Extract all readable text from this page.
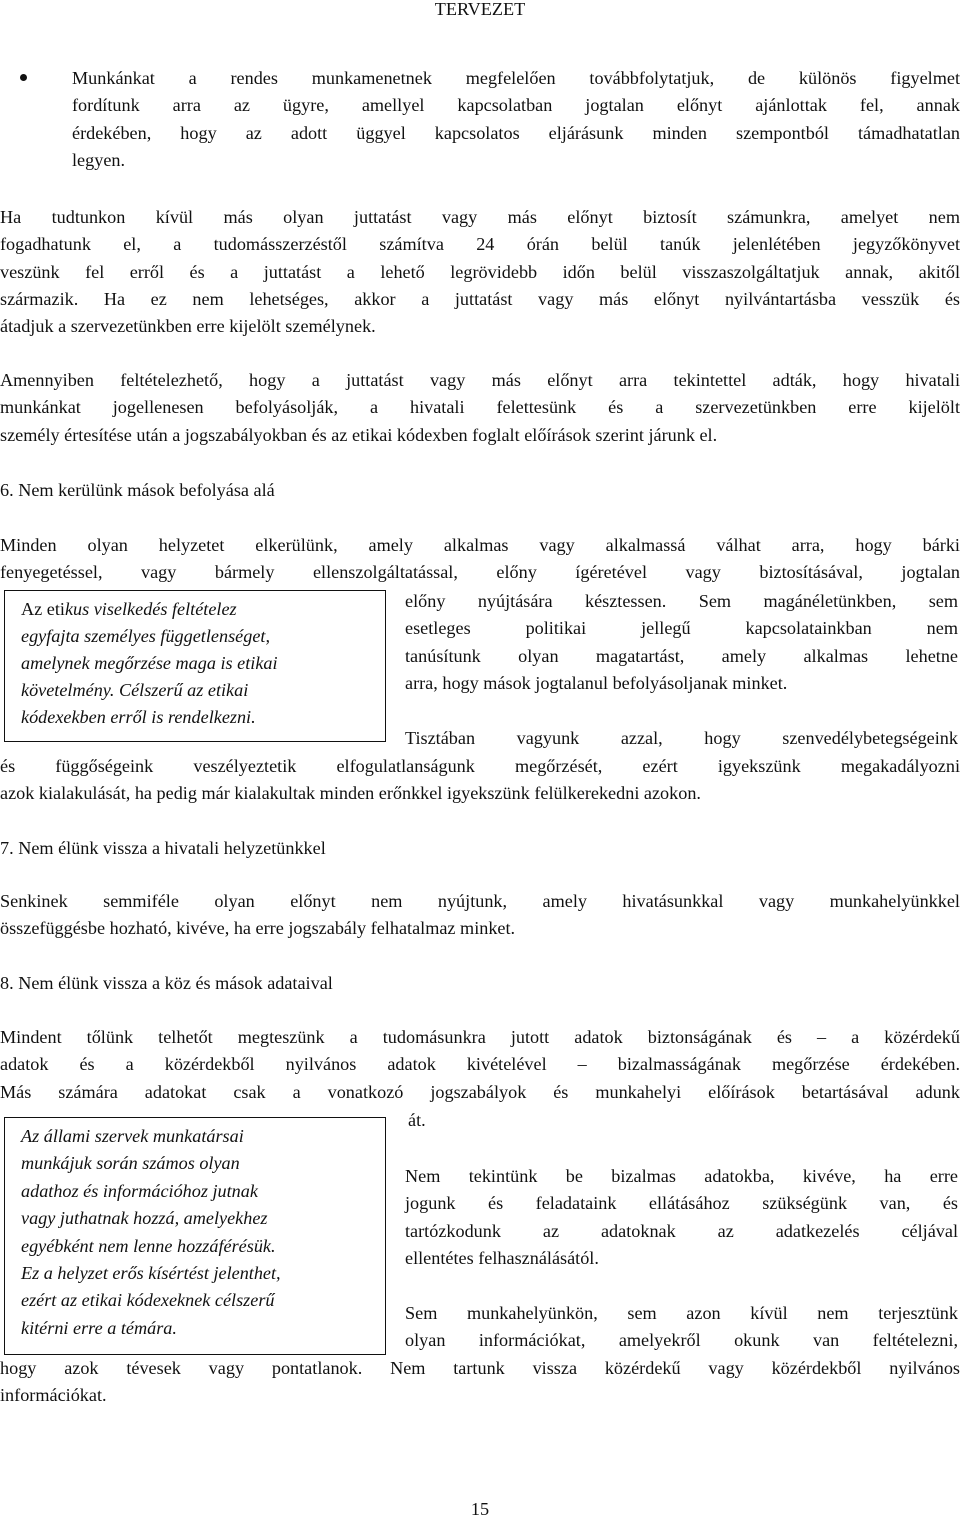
TERVEZET

Munkánkat a rendes munkamenetnek megfelelően továbbfolytatjuk, de különös figyelmet
fordítunk arra az ügyre, amellyel kapcsolatban jogtalan előnyt ajánlottak fel, annak
érdekében, hogy az adott üggyel kapcsolatos eljárásunk minden szempontból támadhatatlan
legyen.
Ha tudtunkon kívül más olyan juttatást vagy más előnyt biztosít számunkra, amelyet nem
fogadhatunk el, a tudomásszerzéstől számítva 24 órán belül tanúk jelenlétében jegyzőkönyvet
veszünk fel erről és a juttatást a lehető legrövidebb időn belül visszaszolgáltatjuk annak, akitől
származik. Ha ez nem lehetséges, akkor a juttatást vagy más előnyt nyilvántartásba vesszük és
átadjuk a szervezetünkben erre kijelölt személynek.
Amennyiben feltételezhető, hogy a juttatást vagy más előnyt arra tekintettel adták, hogy hivatali
munkánkat jogellenesen befolyásolják, a hivatali felettesünk és a szervezetünkben erre kijelölt
személy értesítése után a jogszabályokban és az etikai kódexben foglalt előírások szerint járunk el.
6. Nem kerülünk mások befolyása alá
Minden olyan helyzetet elkerülünk, amely alkalmas vagy alkalmassá válhat arra, hogy bárki
fenyegetéssel, vagy bármely ellenszolgáltatással, előny ígéretével vagy biztosításával, jogtalan

Az etikus viselkedés feltételez

egyfajta személyes függetlenséget,

amelynek megőrzése maga is etikai

követelmény. Célszerű az etikai

kódexekben erről is rendelkezni.

előny nyújtására késztessen. Sem magánéletünkben, sem
esetleges politikai jellegű kapcsolatainkban nem
tanúsítunk olyan magatartást, amely alkalmas lehetne
arra, hogy mások jogtalanul befolyásoljanak minket.
Tisztában vagyunk azzal, hogy szenvedélybetegségeink
és függőségeink veszélyeztetik elfogulatlanságunk megőrzését, ezért igyekszünk megakadályozni
azok kialakulását, ha pedig már kialakultak minden erőnkkel igyekszünk felülkerekedni azokon.
7. Nem élünk vissza a hivatali helyzetünkkel
Senkinek semmiféle olyan előnyt nem nyújtunk, amely hivatásunkkal vagy munkahelyünkkel
összefüggésbe hozható, kivéve, ha erre jogszabály felhatalmaz minket.
8. Nem élünk vissza a köz és mások adataival
Mindent tőlünk telhetőt megteszünk a tudomásunkra jutott adatok biztonságának és – a közérdekű
adatok és a közérdekből nyilvános adatok kivételével – bizalmasságának megőrzése érdekében.
Más számára adatokat csak a vonatkozó jogszabályok és munkahelyi előírások betartásával adunk
át.

Az állami szervek munkatársai

munkájuk során számos olyan

adathoz és információhoz jutnak

vagy juthatnak hozzá, amelyekhez

egyébként nem lenne hozzáférésük.

Ez a helyzet erős kísértést jelenthet,

ezért az etikai kódexeknek célszerű

kitérni erre a témára.

Nem tekintünk be bizalmas adatokba, kivéve, ha erre
jogunk és feladataink ellátásához szükségünk van, és
tartózkodunk az adatoknak az adatkezelés céljával
ellentétes felhasználásától.
Sem munkahelyünkön, sem azon kívül nem terjesztünk
olyan információkat, amelyekről okunk van feltételezni,
hogy azok tévesek vagy pontatlanok. Nem tartunk vissza közérdekű vagy közérdekből nyilvános
információkat.
15
